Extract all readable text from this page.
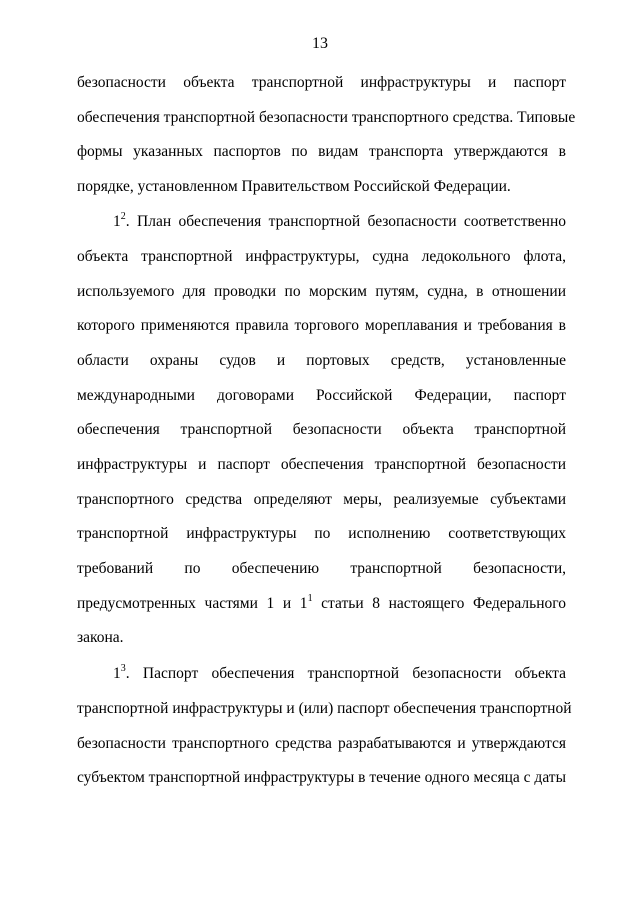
13
безопасности объекта транспортной инфраструктуры и паспорт
обеспечения транспортной безопасности транспортного средства. Типовые
формы указанных паспортов по видам транспорта утверждаются в
порядке, установленном Правительством Российской Федерации.
$1^2$. План обеспечения транспортной безопасности соответственно
объекта транспортной инфраструктуры, судна ледокольного флота,
используемого для проводки по морским путям, судна, в отношении
которого применяются правила торгового мореплавания и требования в
области охраны судов и портовых средств, установленные
международными договорами Российской Федерации, паспорт
обеспечения транспортной безопасности объекта транспортной
инфраструктуры и паспорт обеспечения транспортной безопасности
транспортного средства определяют меры, реализуемые субъектами
транспортной инфраструктуры по исполнению соответствующих
требований по обеспечению транспортной безопасности,
предусмотренных частями 1 и $1^1$ статьи 8 настоящего Федерального
закона.
$1^3$. Паспорт обеспечения транспортной безопасности объекта
транспортной инфраструктуры и (или) паспорт обеспечения транспортной
безопасности транспортного средства разрабатываются и утверждаются
субъектом транспортной инфраструктуры в течение одного месяца с даты
